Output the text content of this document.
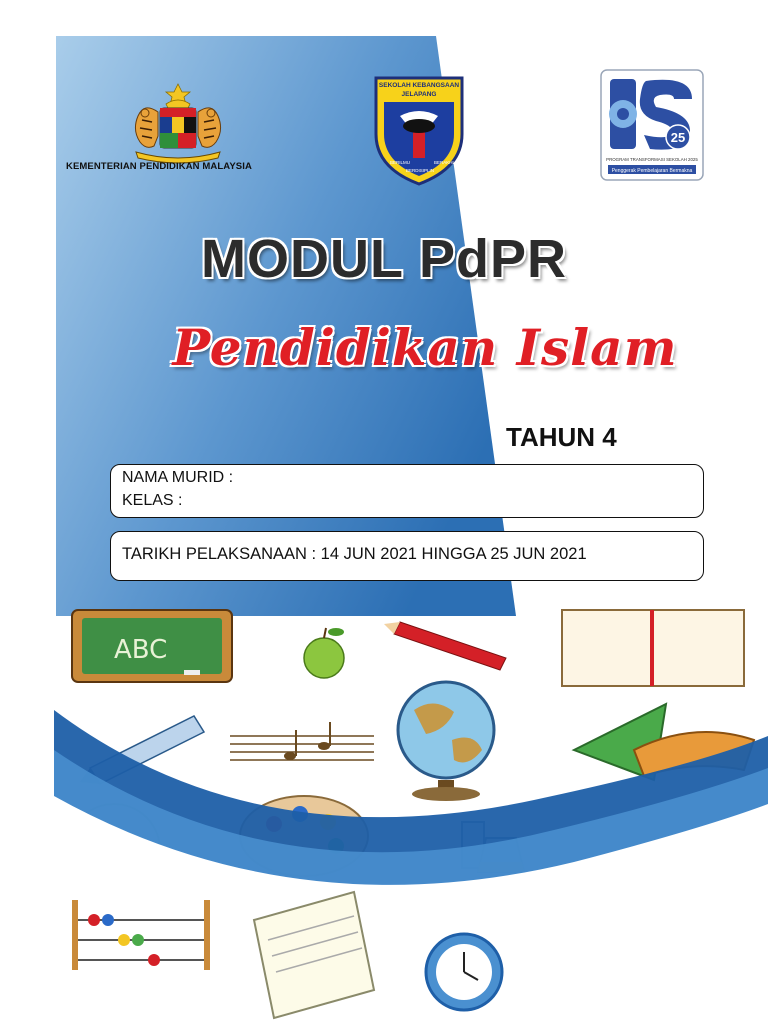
KEMENTERIAN PENDIDIKAN MALAYSIA
SEKOLAH KEBANGSAAN
JELAPANG
BERILMU
BERDISIPLIN
BERAKHLAK
25
PROGRAM TRANSFORMASI SEKOLAH 2025
Penggerak Pembelajaran Bermakna
MODUL PdPR
Pendidikan Islam
TAHUN 4
NAMA MURID :
KELAS :
TARIKH PELAKSANAAN : 14 JUN 2021 HINGGA 25 JUN 2021
ABC
